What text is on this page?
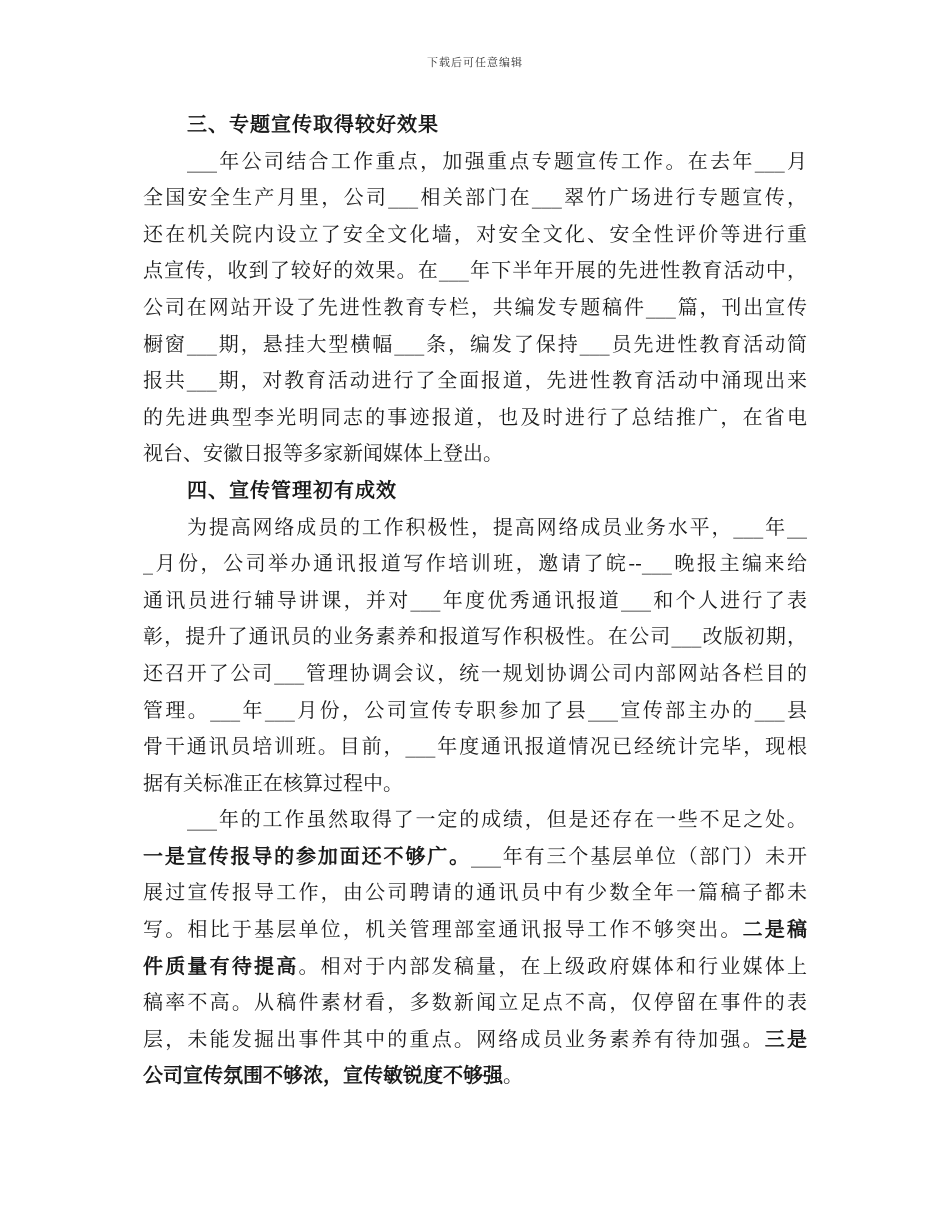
下载后可任意编辑
三、专题宣传取得较好效果
___年公司结合工作重点，加强重点专题宣传工作。在去年___月
全国安全生产月里，公司___相关部门在___翠竹广场进行专题宣传，
还在机关院内设立了安全文化墙，对安全文化、安全性评价等进行重
点宣传，收到了较好的效果。在___年下半年开展的先进性教育活动中，
公司在网站开设了先进性教育专栏，共编发专题稿件___篇，刊出宣传
橱窗___期，悬挂大型横幅___条，编发了保持___员先进性教育活动简
报共___期，对教育活动进行了全面报道，先进性教育活动中涌现出来
的先进典型李光明同志的事迹报道，也及时进行了总结推广，在省电
视台、安徽日报等多家新闻媒体上登出。
四、宣传管理初有成效
为提高网络成员的工作积极性，提高网络成员业务水平，___年__
_月份，公司举办通讯报道写作培训班，邀请了皖--___晚报主编来给
通讯员进行辅导讲课，并对___年度优秀通讯报道___和个人进行了表
彰，提升了通讯员的业务素养和报道写作积极性。在公司___改版初期，
还召开了公司___管理协调会议，统一规划协调公司内部网站各栏目的
管理。___年___月份，公司宣传专职参加了县___宣传部主办的___县
骨干通讯员培训班。目前，___年度通讯报道情况已经统计完毕，现根
据有关标准正在核算过程中。
___年的工作虽然取得了一定的成绩，但是还存在一些不足之处。
一是宣传报导的参加面还不够广。___年有三个基层单位（部门）未开
展过宣传报导工作，由公司聘请的通讯员中有少数全年一篇稿子都未
写。相比于基层单位，机关管理部室通讯报导工作不够突出。二是稿
件质量有待提高。相对于内部发稿量，在上级政府媒体和行业媒体上
稿率不高。从稿件素材看，多数新闻立足点不高，仅停留在事件的表
层，未能发掘出事件其中的重点。网络成员业务素养有待加强。三是
公司宣传氛围不够浓，宣传敏锐度不够强。
